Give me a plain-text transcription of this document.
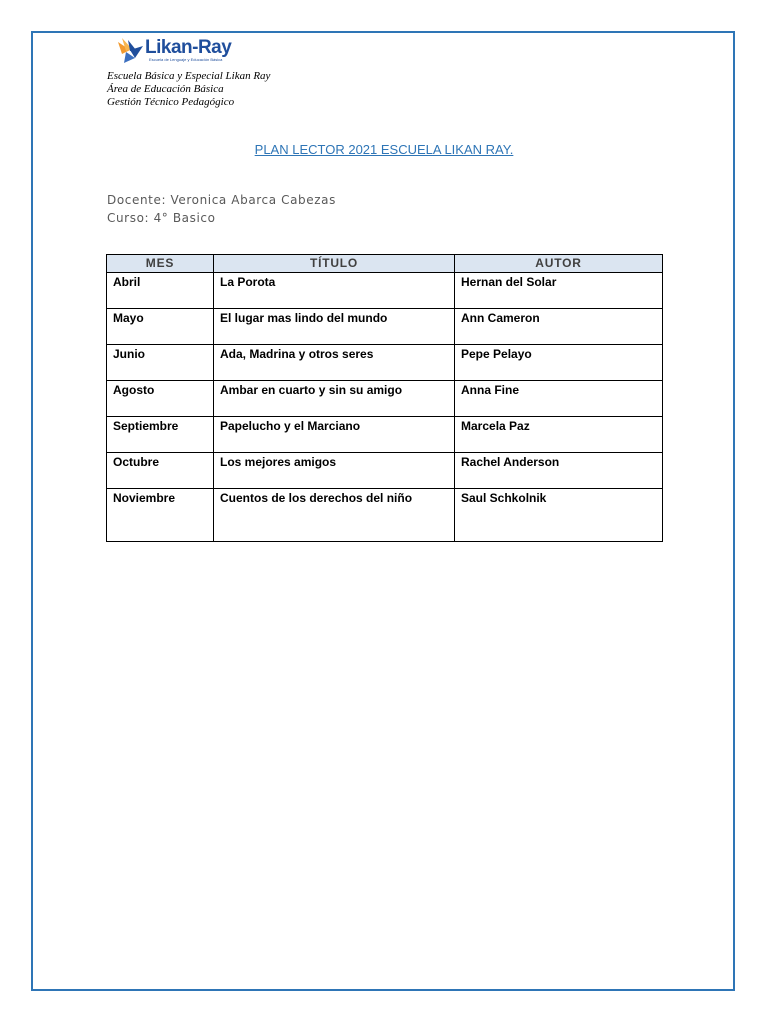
Likan-Ray
Escuela de Lenguaje y Educación Básica
Escuela Básica y Especial Likan Ray
Área de Educación Básica
Gestión Técnico Pedagógico
PLAN LECTOR 2021 ESCUELA LIKAN RAY.
Docente: Veronica Abarca Cabezas
Curso: 4° Basico
MES	TÍTULO	AUTOR
Abril	La Porota	Hernan del Solar
Mayo	El lugar mas lindo del mundo	Ann Cameron
Junio	Ada, Madrina y otros seres	Pepe Pelayo
Agosto	Ambar en cuarto y sin su amigo	Anna Fine
Septiembre	Papelucho y el Marciano	Marcela Paz
Octubre	Los mejores amigos	Rachel Anderson
Noviembre	Cuentos de los derechos del niño	Saul Schkolnik
